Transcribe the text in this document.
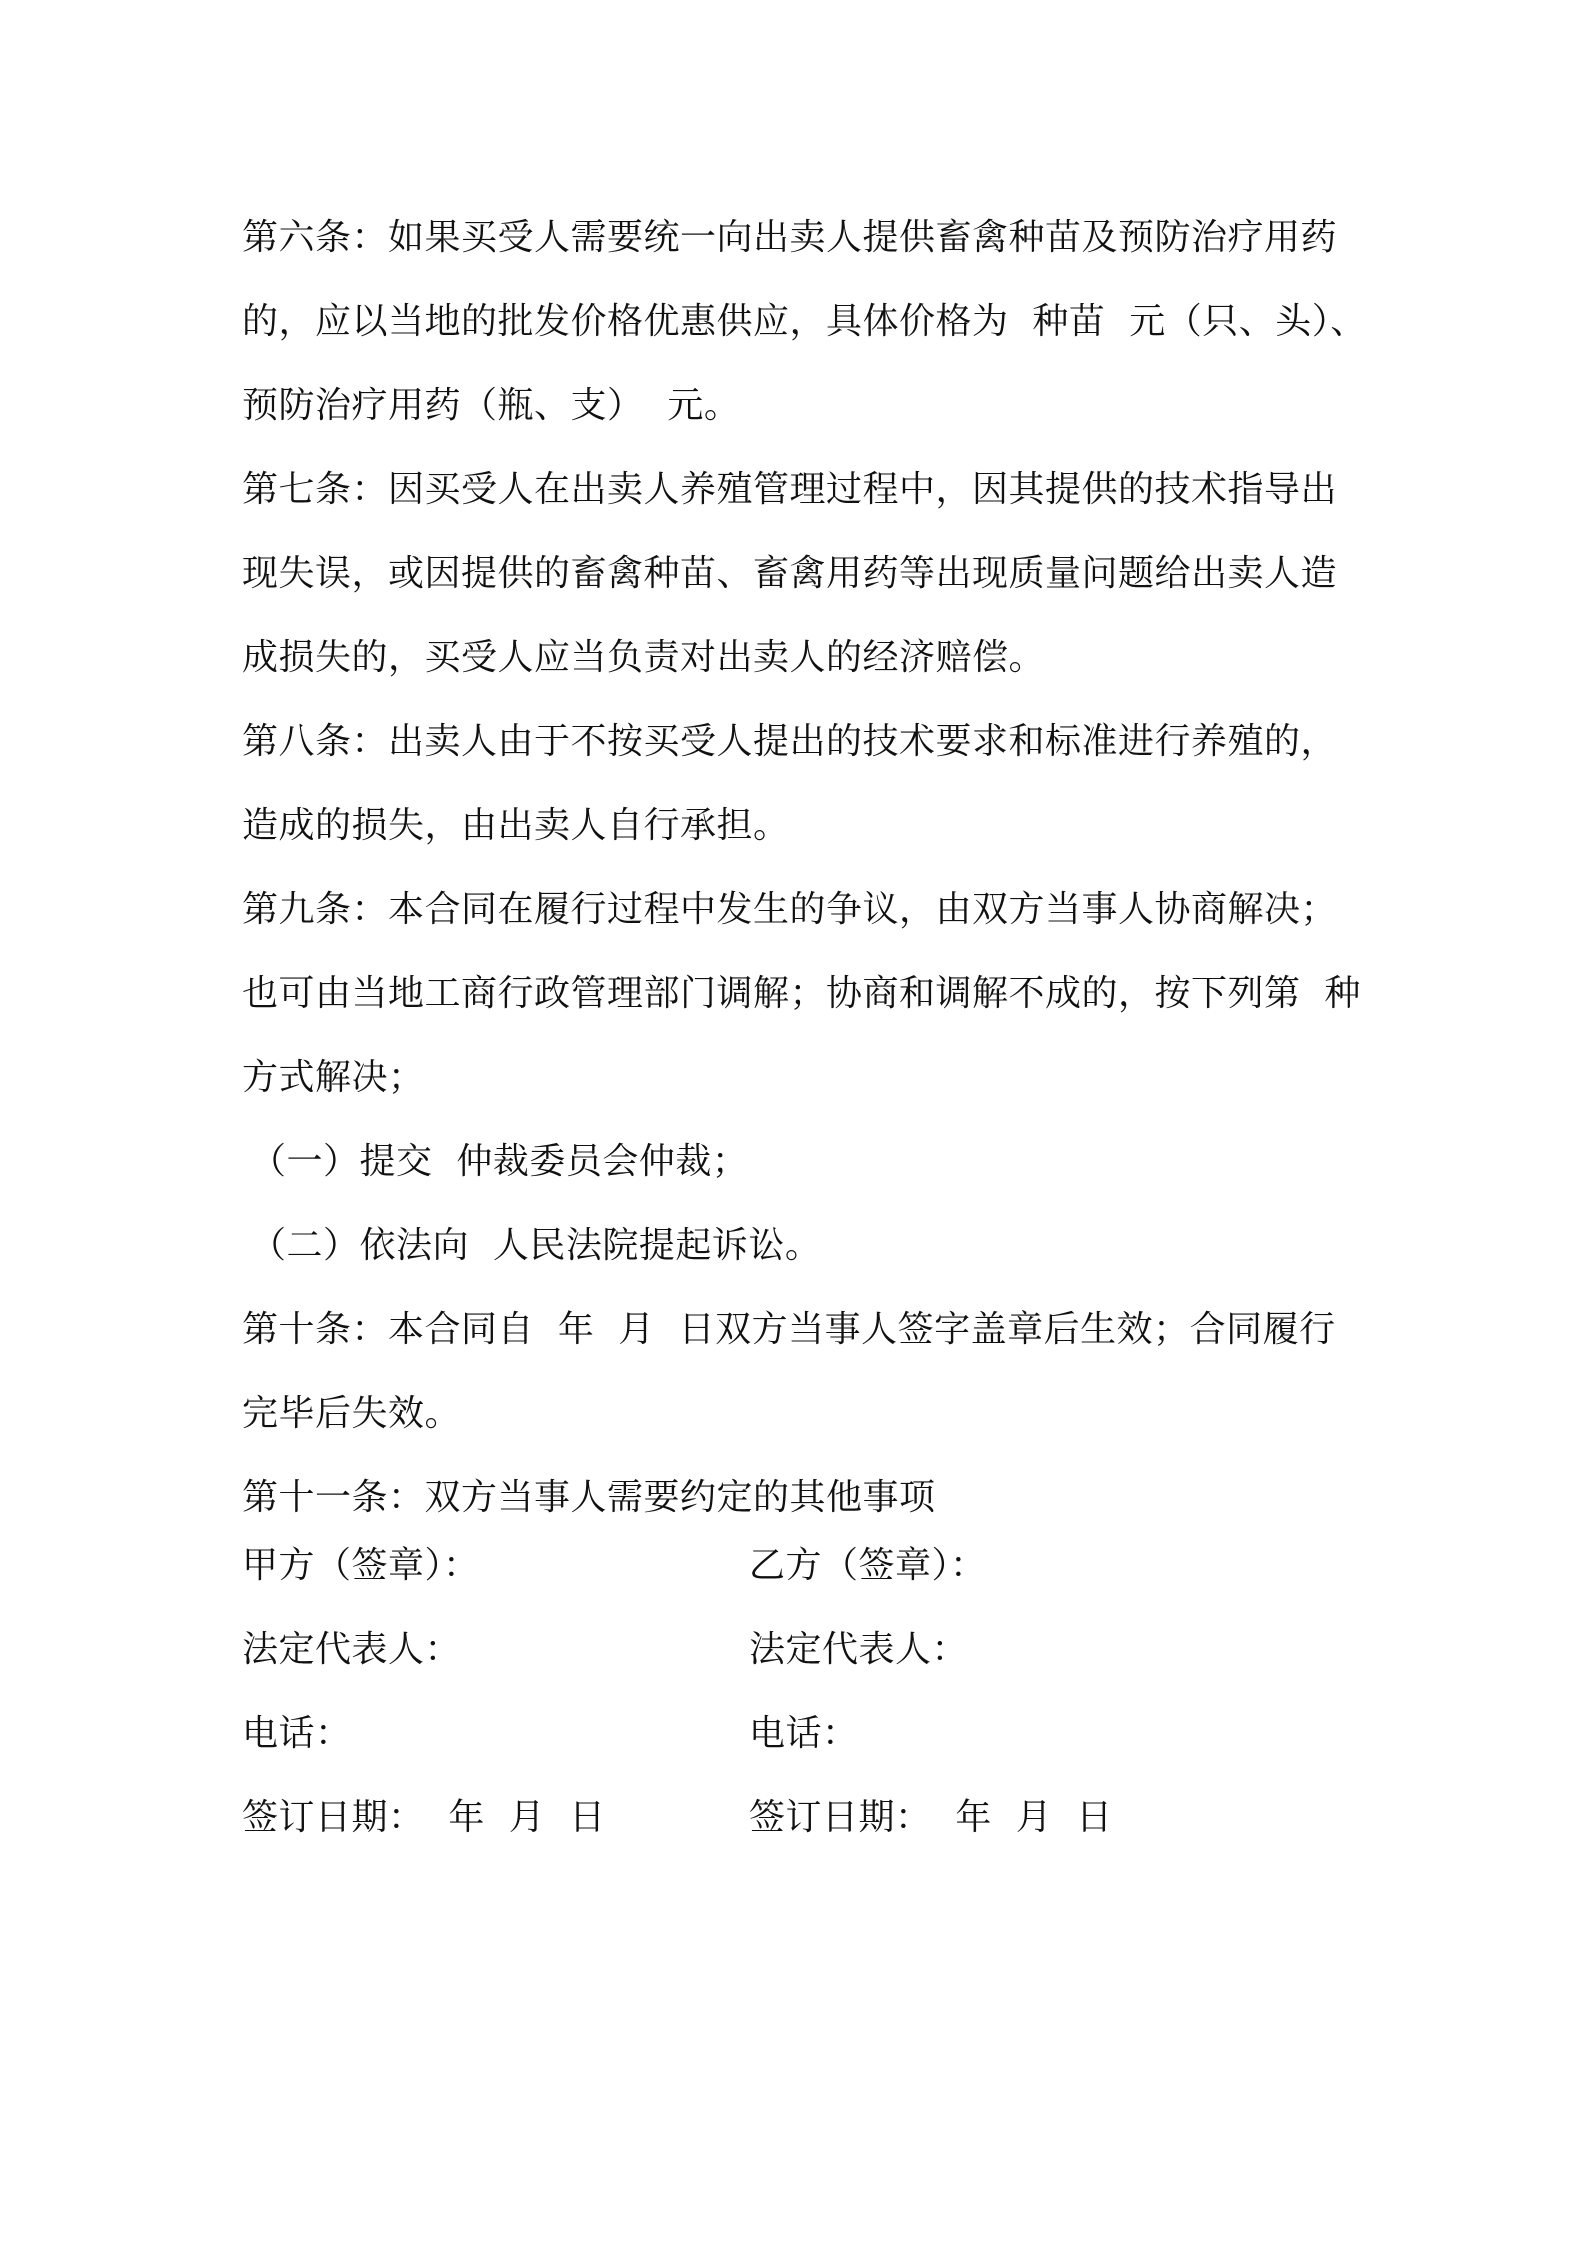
第六条：如果买受人需要统一向出卖人提供畜禽种苗及预防治疗用药
的，应以当地的批发价格优惠供应，具体价格为  种苗  元（只、头）、
预防治疗用药（瓶、支）  元。
第七条：因买受人在出卖人养殖管理过程中，因其提供的技术指导出
现失误，或因提供的畜禽种苗、畜禽用药等出现质量问题给出卖人造
成损失的，买受人应当负责对出卖人的经济赔偿。
第八条：出卖人由于不按买受人提出的技术要求和标准进行养殖的，
造成的损失，由出卖人自行承担。
第九条：本合同在履行过程中发生的争议，由双方当事人协商解决；
也可由当地工商行政管理部门调解；协商和调解不成的，按下列第  种
方式解决；
（一）提交  仲裁委员会仲裁；
（二）依法向  人民法院提起诉讼。
第十条：本合同自  年  月  日双方当事人签字盖章后生效；合同履行
完毕后失效。
第十一条：双方当事人需要约定的其他事项
甲方（签章）：	乙方（签章）：
法定代表人：	法定代表人：
电话：	电话：
签订日期：  年  月  日	签订日期：  年  月  日
